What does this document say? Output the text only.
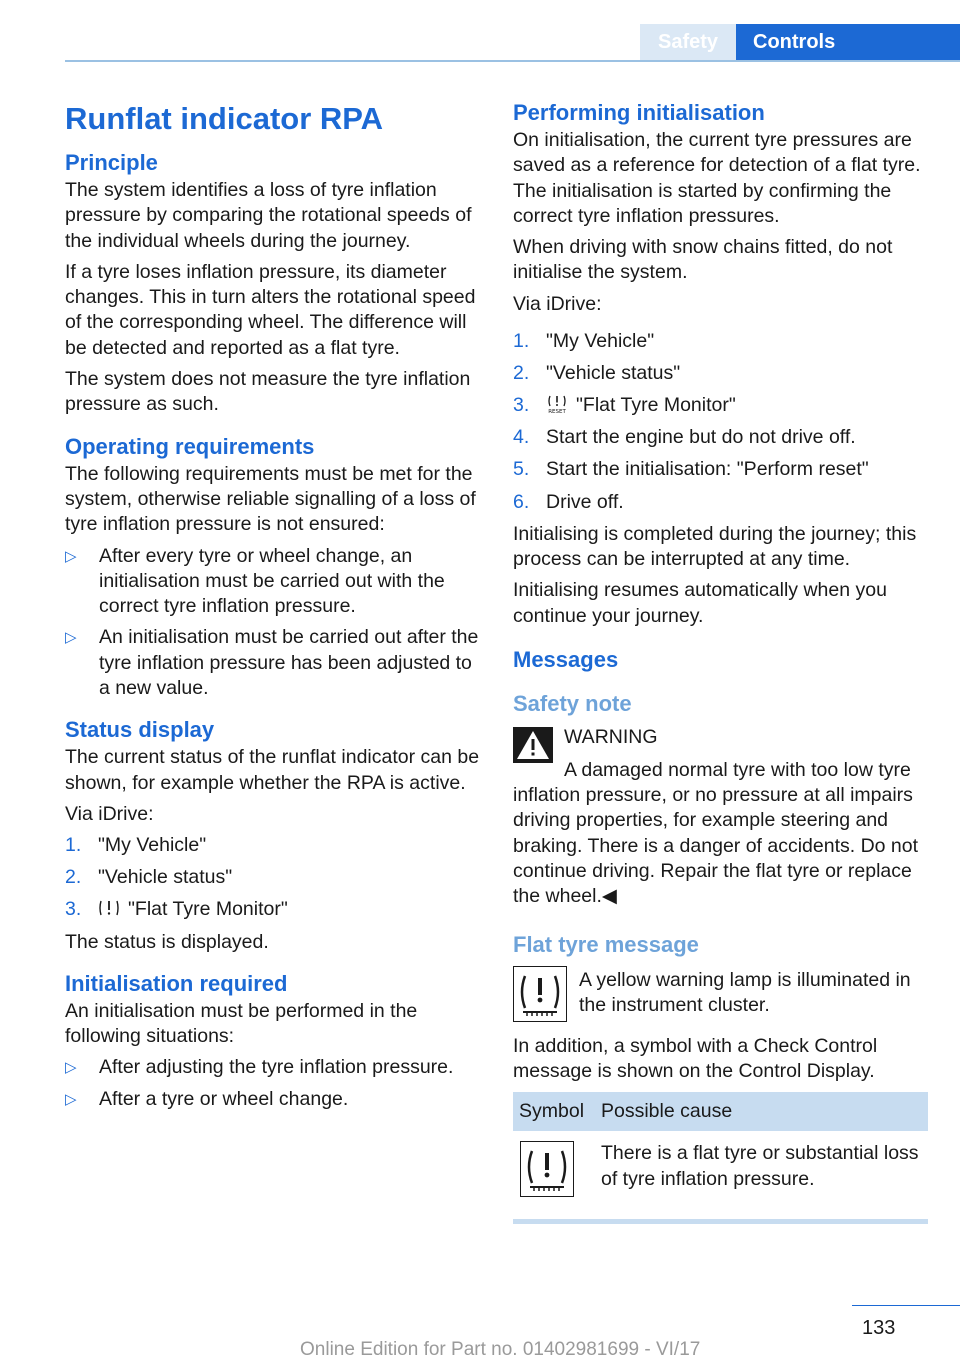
Safety	Controls
Runflat indicator RPA
Principle

The system identifies a loss of tyre inflation pressure by comparing the rotational speeds of the individual wheels during the journey.

If a tyre loses inflation pressure, its diameter changes. This in turn alters the rotational speed of the corresponding wheel. The difference will be detected and reported as a flat tyre.

The system does not measure the tyre inflation pressure as such.

Operating requirements

The following requirements must be met for the system, otherwise reliable signalling of a loss of tyre inflation pressure is not ensured:

▷ After every tyre or wheel change, an initialisation must be carried out with the correct tyre inflation pressure.
▷ An initialisation must be carried out after the tyre inflation pressure has been adjusted to a new value.
Status display

The current status of the runflat indicator can be shown, for example whether the RPA is active.

Via iDrive:

1. "My Vehicle"
2. "Vehicle status"
3. "Flat Tyre Monitor"

The status is displayed.

Initialisation required

An initialisation must be performed in the following situations:

▷ After adjusting the tyre inflation pressure.
▷ After a tyre or wheel change.
Performing initialisation

On initialisation, the current tyre pressures are saved as a reference for detection of a flat tyre. The initialisation is started by confirming the correct tyre inflation pressures.

When driving with snow chains fitted, do not initialise the system.

Via iDrive:

1. "My Vehicle"
2. "Vehicle status"
3.	RESET "Flat Tyre Monitor"
4. Start the engine but do not drive off.
5. Start the initialisation: "Perform reset"
6. Drive off.

Initialising is completed during the journey; this process can be interrupted at any time.

Initialising resumes automatically when you continue your journey.

Messages
Safety note
WARNING
A damaged normal tyre with too low tyre
inflation pressure, or no pressure at all impairs driving properties, for example steering and braking. There is a danger of accidents. Do not continue driving. Repair the flat tyre or replace the wheel.◀
Flat tyre message
A yellow warning lamp is illuminated in the instrument cluster.

In addition, a symbol with a Check Control message is shown on the Control Display.

Symbol	Possible cause
	There is a flat tyre or substantial loss of tyre inflation pressure.
133
Online Edition for Part no. 01402981699 - VI/17
